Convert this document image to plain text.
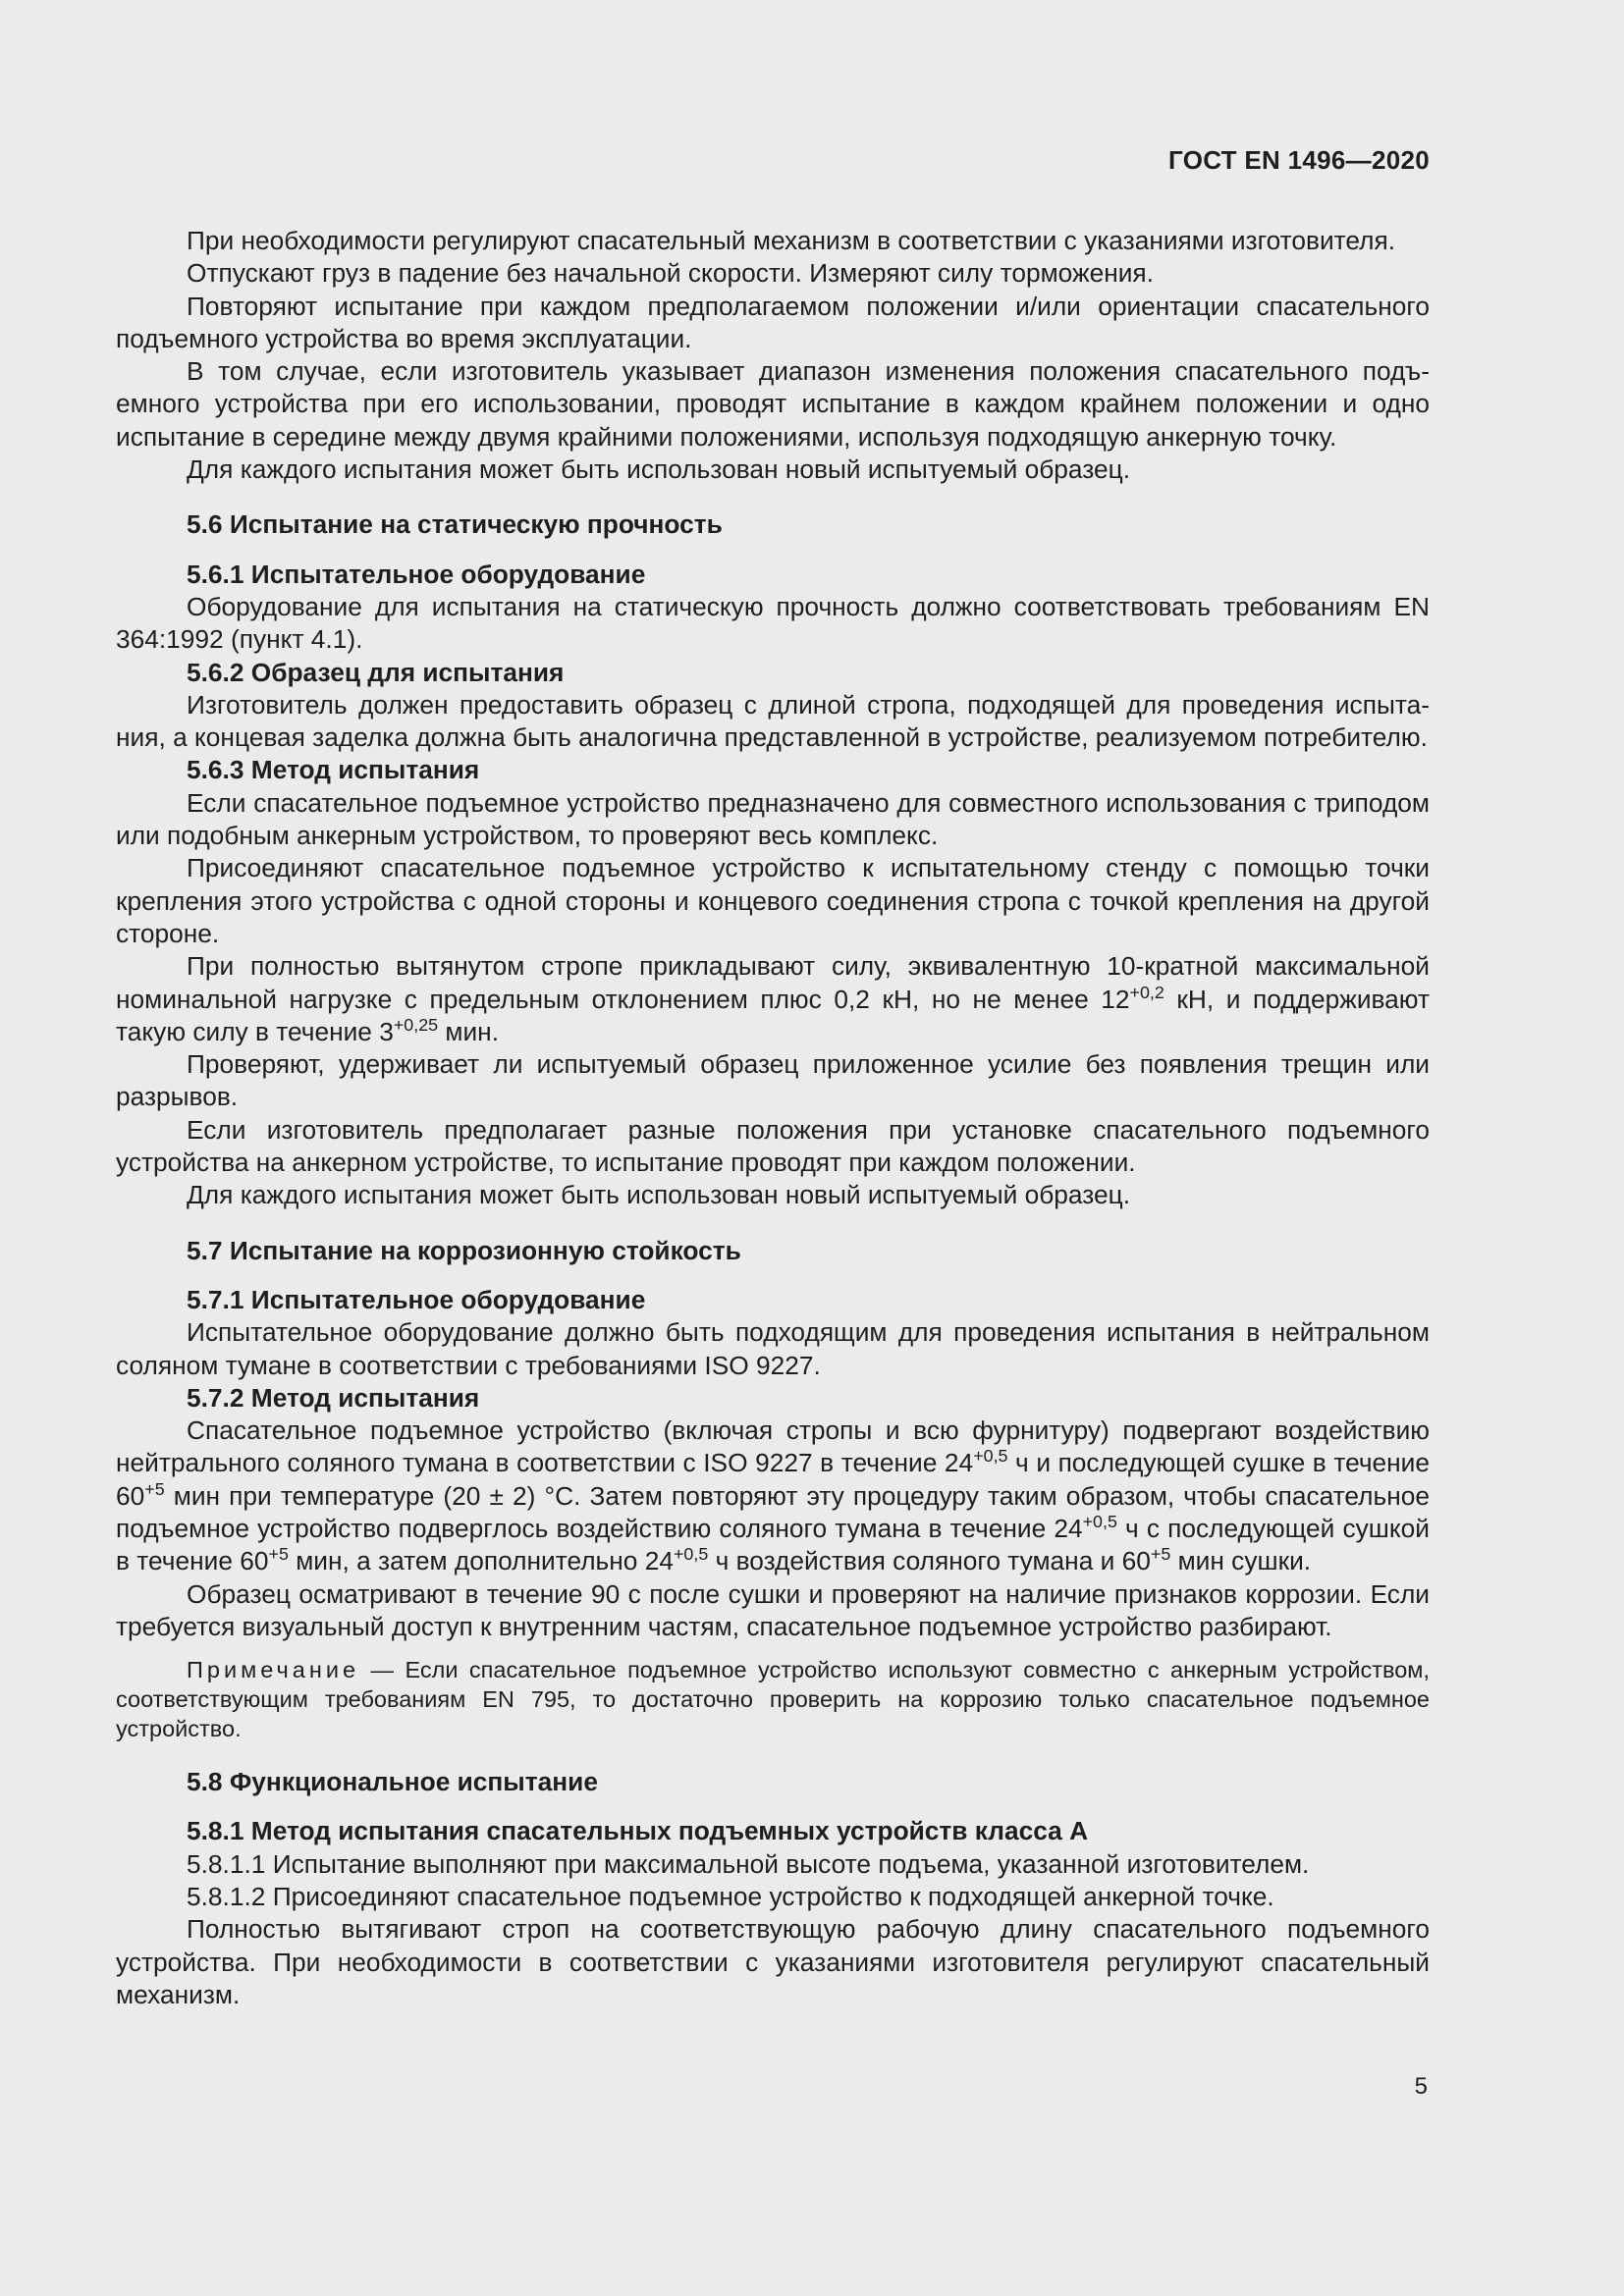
ГОСТ EN 1496—2020

При необходимости регулируют спасательный механизм в соответствии с указаниями изготовителя.

Отпускают груз в падение без начальной скорости. Измеряют силу торможения.

Повторяют испытание при каждом предполагаемом положении и/или ориентации спасательного подъемного устройства во время эксплуатации.

В том случае, если изготовитель указывает диапазон изменения положения спасательного подъемного устройства при его использовании, проводят испытание в каждом крайнем положении и одно испытание в середине между двумя крайними положениями, используя подходящую анкерную точку.

Для каждого испытания может быть использован новый испытуемый образец.

5.6 Испытание на статическую прочность
5.6.1 Испытательное оборудование

Оборудование для испытания на статическую прочность должно соответствовать требованиям EN 364:1992 (пункт 4.1).

5.6.2 Образец для испытания

Изготовитель должен предоставить образец с длиной стропа, подходящей для проведения испытания, а концевая заделка должна быть аналогична представленной в устройстве, реализуемом потребителю.

5.6.3 Метод испытания

Если спасательное подъемное устройство предназначено для совместного использования с триподом или подобным анкерным устройством, то проверяют весь комплекс.

Присоединяют спасательное подъемное устройство к испытательному стенду с помощью точки крепления этого устройства с одной стороны и концевого соединения стропа с точкой крепления на другой стороне.

При полностью вытянутом стропе прикладывают силу, эквивалентную 10-кратной максимальной номинальной нагрузке с предельным отклонением плюс 0,2 кН, но не менее $12^{+0,2}$ кН, и поддерживают такую силу в течение $3^{+0,25}$ мин.

Проверяют, удерживает ли испытуемый образец приложенное усилие без появления трещин или разрывов.

Если изготовитель предполагает разные положения при установке спасательного подъемного устройства на анкерном устройстве, то испытание проводят при каждом положении.

Для каждого испытания может быть использован новый испытуемый образец.

5.7 Испытание на коррозионную стойкость
5.7.1 Испытательное оборудование

Испытательное оборудование должно быть подходящим для проведения испытания в нейтральном соляном тумане в соответствии с требованиями ISO 9227.

5.7.2 Метод испытания

Спасательное подъемное устройство (включая стропы и всю фурнитуру) подвергают воздействию нейтрального соляного тумана в соответствии с ISO 9227 в течение $24^{+0,5}$ ч и последующей сушке в течение $60^{+5}$ мин при температуре (20 ± 2) °С. Затем повторяют эту процедуру таким образом, чтобы спасательное подъемное устройство подверглось воздействию соляного тумана в течение $24^{+0,5}$ ч с последующей сушкой в течение $60^{+5}$ мин, а затем дополнительно $24^{+0,5}$ ч воздействия соляного тумана и $60^{+5}$ мин сушки.

Образец осматривают в течение 90 с после сушки и проверяют на наличие признаков коррозии. Если требуется визуальный доступ к внутренним частям, спасательное подъемное устройство разбирают.

Примечание — Если спасательное подъемное устройство используют совместно с анкерным устройством, соответствующим требованиям EN 795, то достаточно проверить на коррозию только спасательное подъемное устройство.

5.8 Функциональное испытание
5.8.1 Метод испытания спасательных подъемных устройств класса А

5.8.1.1 Испытание выполняют при максимальной высоте подъема, указанной изготовителем.

5.8.1.2 Присоединяют спасательное подъемное устройство к подходящей анкерной точке.

Полностью вытягивают строп на соответствующую рабочую длину спасательного подъемного устройства. При необходимости в соответствии с указаниями изготовителя регулируют спасательный механизм.

5
